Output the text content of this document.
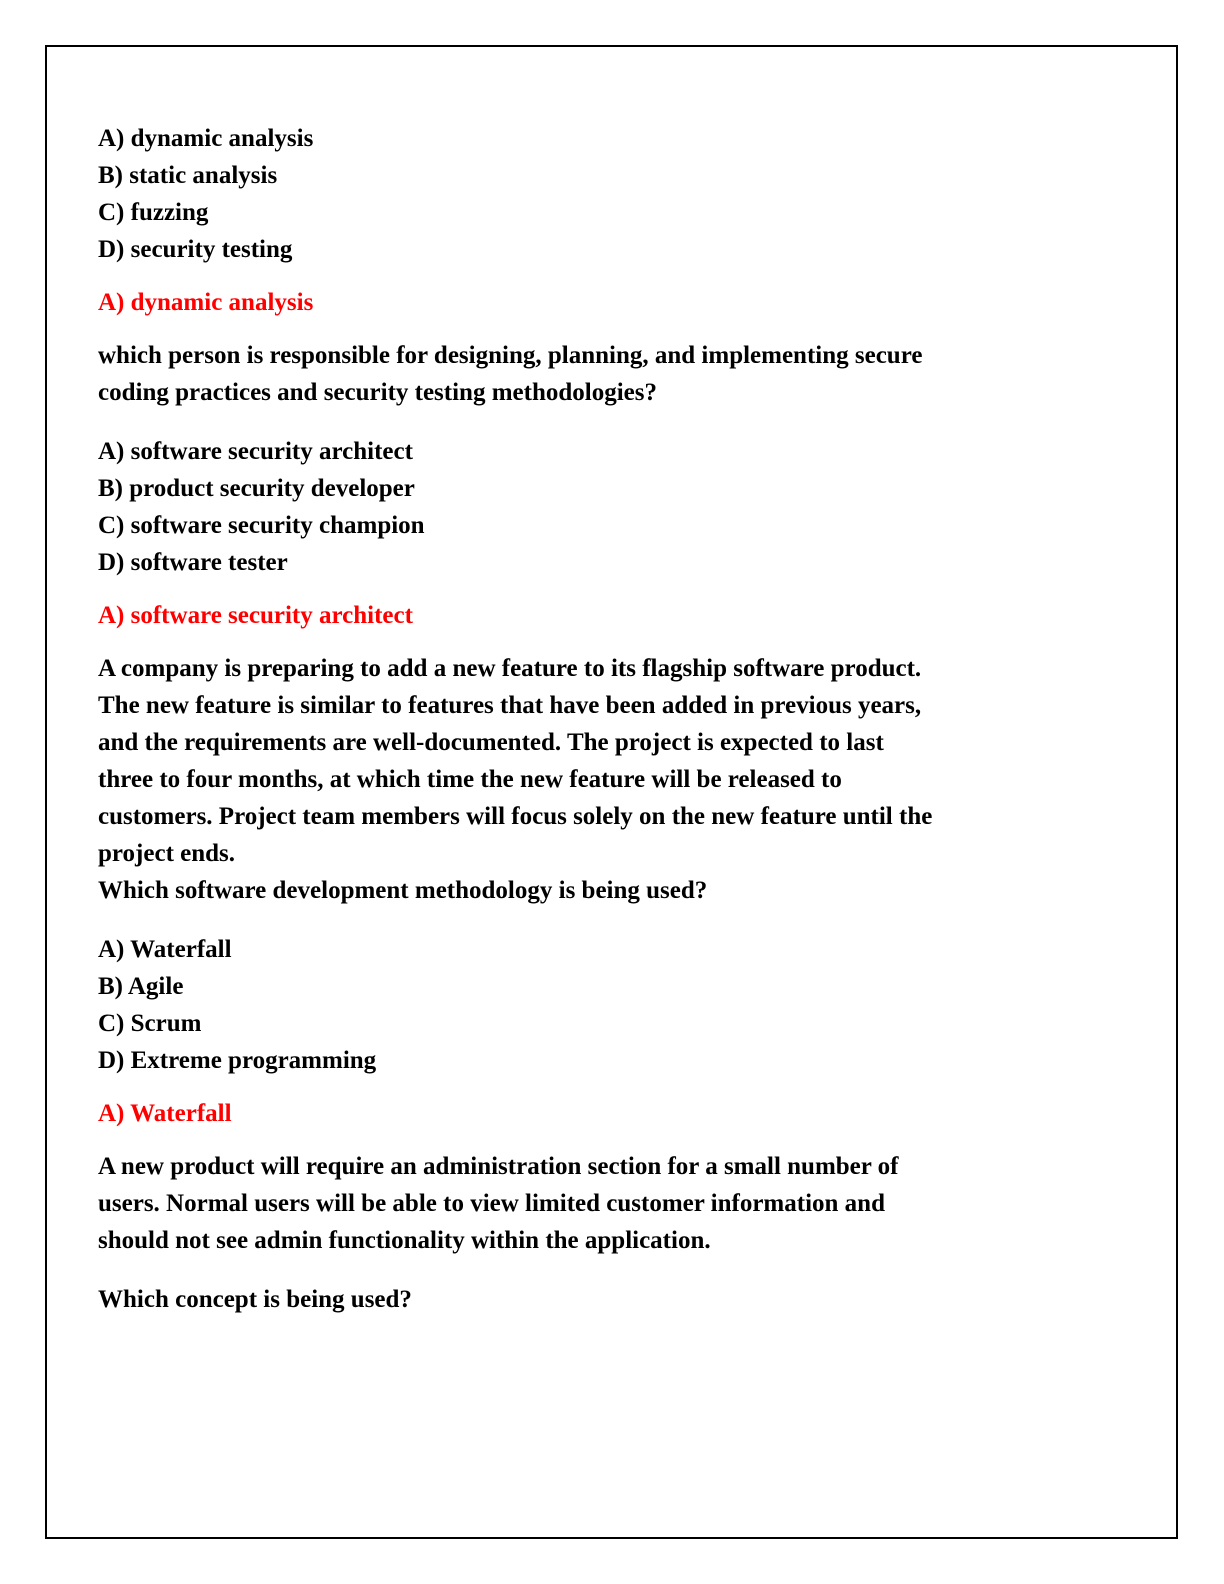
A) dynamic analysis
B) static analysis
C) fuzzing
D) security testing
A) dynamic analysis
which person is responsible for designing, planning, and implementing secure
coding practices and security testing methodologies?
A) software security architect
B) product security developer
C) software security champion
D) software tester
A) software security architect
A company is preparing to add a new feature to its flagship software product.
The new feature is similar to features that have been added in previous years,
and the requirements are well-documented. The project is expected to last
three to four months, at which time the new feature will be released to
customers. Project team members will focus solely on the new feature until the
project ends.
Which software development methodology is being used?
A) Waterfall
B) Agile
C) Scrum
D) Extreme programming
A) Waterfall
A new product will require an administration section for a small number of
users. Normal users will be able to view limited customer information and
should not see admin functionality within the application.
Which concept is being used?
